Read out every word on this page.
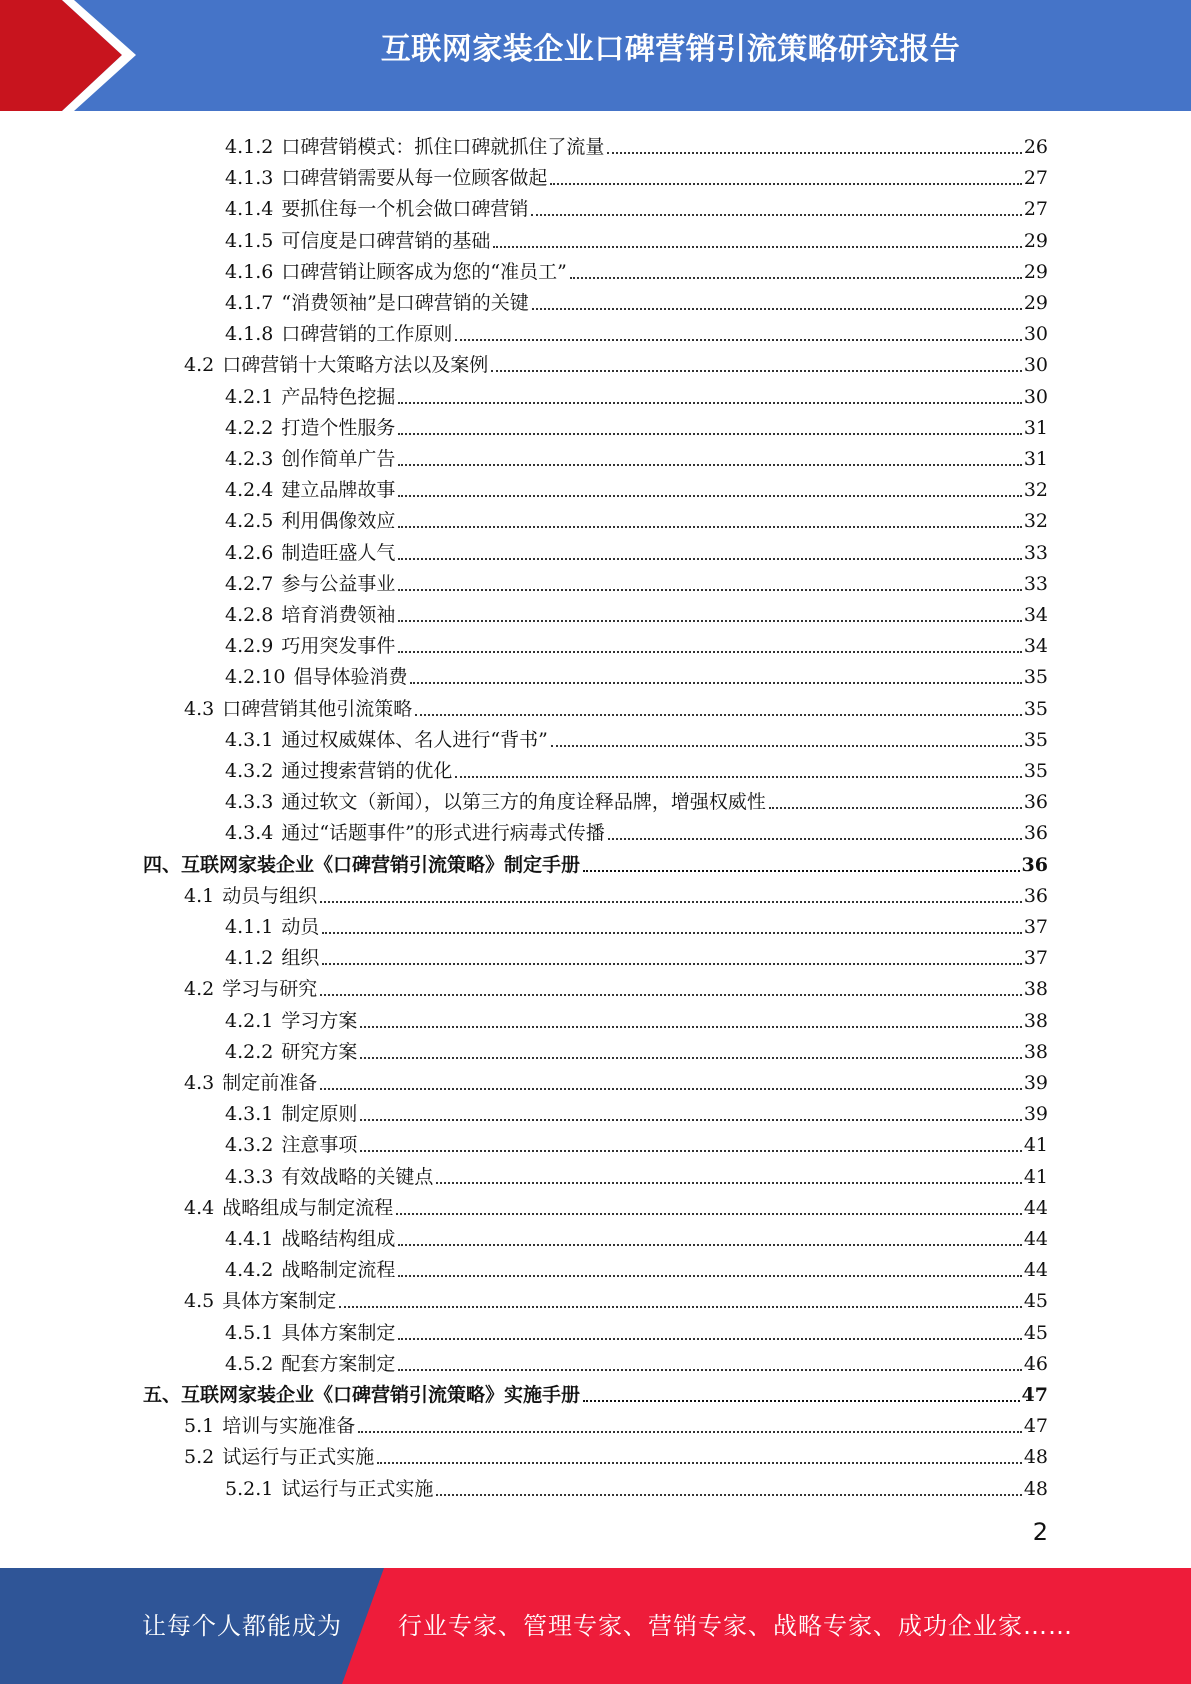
互联网家装企业口碑营销引流策略研究报告
4.1.2 口碑营销模式：抓住口碑就抓住了流量	26
4.1.3 口碑营销需要从每一位顾客做起	27
4.1.4 要抓住每一个机会做口碑营销	27
4.1.5 可信度是口碑营销的基础	29
4.1.6 口碑营销让顾客成为您的“准员工”	29
4.1.7 “消费领袖”是口碑营销的关键	29
4.1.8 口碑营销的工作原则	30
4.2 口碑营销十大策略方法以及案例	30
4.2.1 产品特色挖掘	30
4.2.2 打造个性服务	31
4.2.3 创作简单广告	31
4.2.4 建立品牌故事	32
4.2.5 利用偶像效应	32
4.2.6 制造旺盛人气	33
4.2.7 参与公益事业	33
4.2.8 培育消费领袖	34
4.2.9 巧用突发事件	34
4.2.10 倡导体验消费	35
4.3 口碑营销其他引流策略	35
4.3.1 通过权威媒体、名人进行“背书”	35
4.3.2 通过搜索营销的优化	35
4.3.3 通过软文（新闻），以第三方的角度诠释品牌，增强权威性	36
4.3.4 通过“话题事件”的形式进行病毒式传播	36
四、互联网家装企业《口碑营销引流策略》制定手册	36
4.1 动员与组织	36
4.1.1 动员	37
4.1.2 组织	37
4.2 学习与研究	38
4.2.1 学习方案	38
4.2.2 研究方案	38
4.3 制定前准备	39
4.3.1 制定原则	39
4.3.2 注意事项	41
4.3.3 有效战略的关键点	41
4.4 战略组成与制定流程	44
4.4.1 战略结构组成	44
4.4.2 战略制定流程	44
4.5 具体方案制定	45
4.5.1 具体方案制定	45
4.5.2 配套方案制定	46
五、互联网家装企业《口碑营销引流策略》实施手册	47
5.1 培训与实施准备	47
5.2 试运行与正式实施	48
5.2.1 试运行与正式实施	48
2
让每个人都能成为 行业专家、管理专家、营销专家、战略专家、成功企业家……
